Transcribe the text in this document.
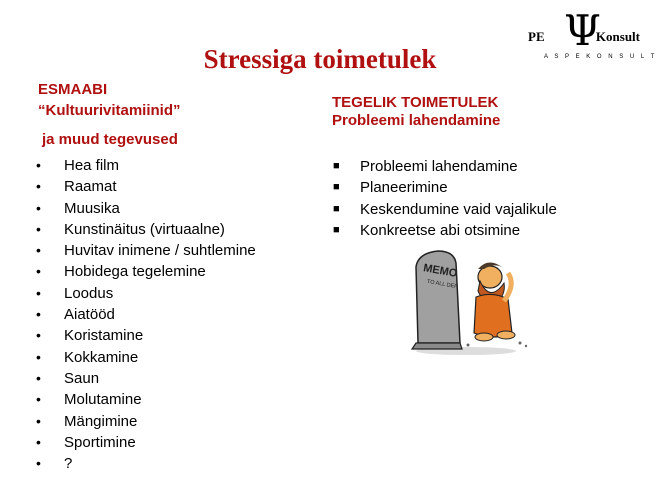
Stressiga toimetulek
PE	Konsult
Ψ
A S P E K O N S U L T
ESMAABI
“Kultuurivitamiinid”
ja muud tegevused
• Hea film
• Raamat
• Muusika
• Kunstinäitus (virtuaalne)
• Huvitav inimene / suhtlemine
• Hobidega tegelemine
• Loodus
• Aiatööd
• Koristamine
• Kokkamine
• Saun
• Molutamine
• Mängimine
• Sportimine
• ?
TEGELIK TOIMETULEK
Probleemi lahendamine
■ Probleemi lahendamine
■ Planeerimine
■ Keskendumine vaid vajalikule
■ Konkreetse abi otsimine
MEMO
TO ALL DEP
